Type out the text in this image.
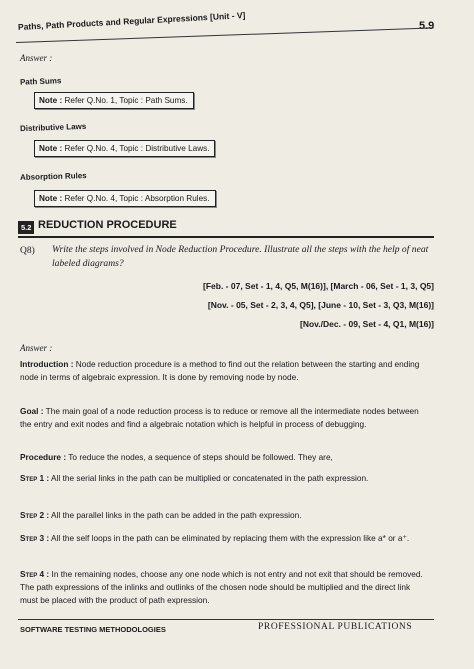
Paths, Path Products and Regular Expressions [Unit - V]	5.9
Answer :
Path Sums
Note : Refer Q.No. 1, Topic : Path Sums.
Distributive Laws
Note : Refer Q.No. 4, Topic : Distributive Laws.
Absorption Rules
Note : Refer Q.No. 4, Topic : Absorption Rules.
5.2 REDUCTION PROCEDURE
Q8) Write the steps involved in Node Reduction Procedure. Illustrate all the steps with the help of neat labeled diagrams?
[Feb. - 07, Set - 1, 4, Q5, M(16)], [March - 06, Set - 1, 3, Q5]
[Nov. - 05, Set - 2, 3, 4, Q5], [June - 10, Set - 3, Q3, M(16)]
[Nov./Dec. - 09, Set - 4, Q1, M(16)]
Answer :
Introduction : Node reduction procedure is a method to find out the relation between the starting and ending node in terms of algebraic expression. It is done by removing node by node.
Goal : The main goal of a node reduction process is to reduce or remove all the intermediate nodes between the entry and exit nodes and find a algebraic notation which is helpful in process of debugging.
Procedure : To reduce the nodes, a sequence of steps should be followed. They are,
Step 1 : All the serial links in the path can be multiplied or concatenated in the path expression.
Step 2 : All the parallel links in the path can be added in the path expression.
Step 3 : All the self loops in the path can be eliminated by replacing them with the expression like a* or a⁺.
Step 4 : In the remaining nodes, choose any one node which is not entry and not exit that should be removed. The path expressions of the inlinks and outlinks of the chosen node should be multiplied and the direct link must be placed with the product of path expression.
SOFTWARE TESTING METHODOLOGIES	PROFESSIONAL PUBLICATIONS
